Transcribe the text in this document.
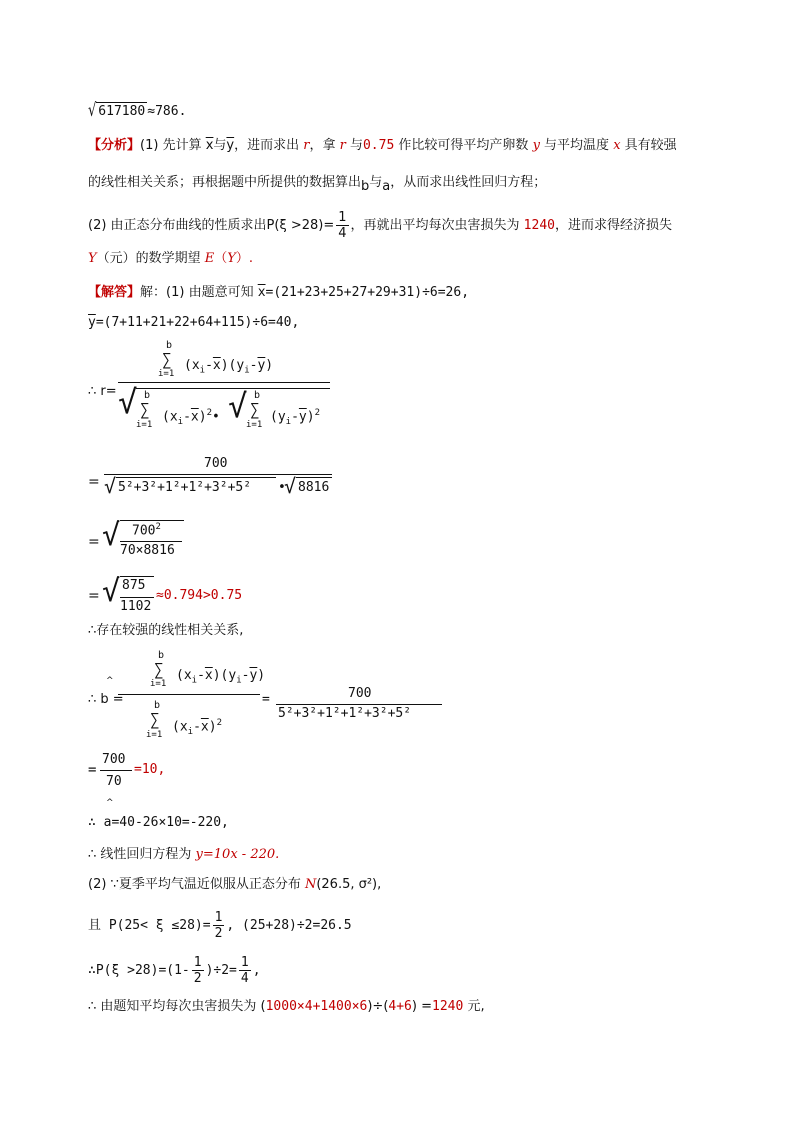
√ 617180 ≈786.
【分析】(1) 先计算 $\overline{x}$与$\overline{y}$，进而求出 r，拿 r 与0.75 作比较可得平均产卵数 y 与平均温度 x 具有较强
的线性相关关系；再根据题中所提供的数据算出b与a，从而求出线性回归方程；
(2) 由正态分布曲线的性质求出$P(\xi >28)= \frac{1}{4}$ ，再就出平均每次虫害损失为 1240，进而求得经济损失
Y（元）的数学期望 E（Y）.
【解答】解：(1) 由题意可知 $\overline{x}=(21+23+25+27+29+31)\div 6=26$,
$\overline{y}=(7+11+21+22+64+115)\div 6=40$,
∴ r=
b
∑
i=1
$(x_i-\overline{x})(y_i-\overline{y})$
√ b
∑
i=1
$(x_i-\overline{x})^2•$ √ b
∑
i=1
$(y_i-\overline{y})^2$
=
700
√ 5²+3²+1²+1²+3²+5² •
√ 8816
= √ $700^2$
70×8816
= √ 875
1102
≈0.794>0.75
∴存在较强的线性相关关系,
∴ b =
^
b
∑
i=1
$(x_i-\overline{x})(y_i-\overline{y})$
b
∑
i=1
$(x_i-\overline{x})^2$
=	700
5²+3²+1²+1²+3²+5²
=
700
70
=10,
^
∴ a=40-26×10=-220,
∴ 线性回归方程为 y=10x - 220.
(2) ∵夏季平均气温近似服从正态分布 N(26.5, σ²),
且 $P(25< \xi \le 28)= \frac{1}{2}$ , (25+28)÷2=26.5
∴P(ξ $>28)=(1- \frac{1}{2} )\div 2= \frac{1}{4}$ ,
∴ 由题知平均每次虫害损失为 (1000×4+1400×6)÷(4+6) =1240 元,
